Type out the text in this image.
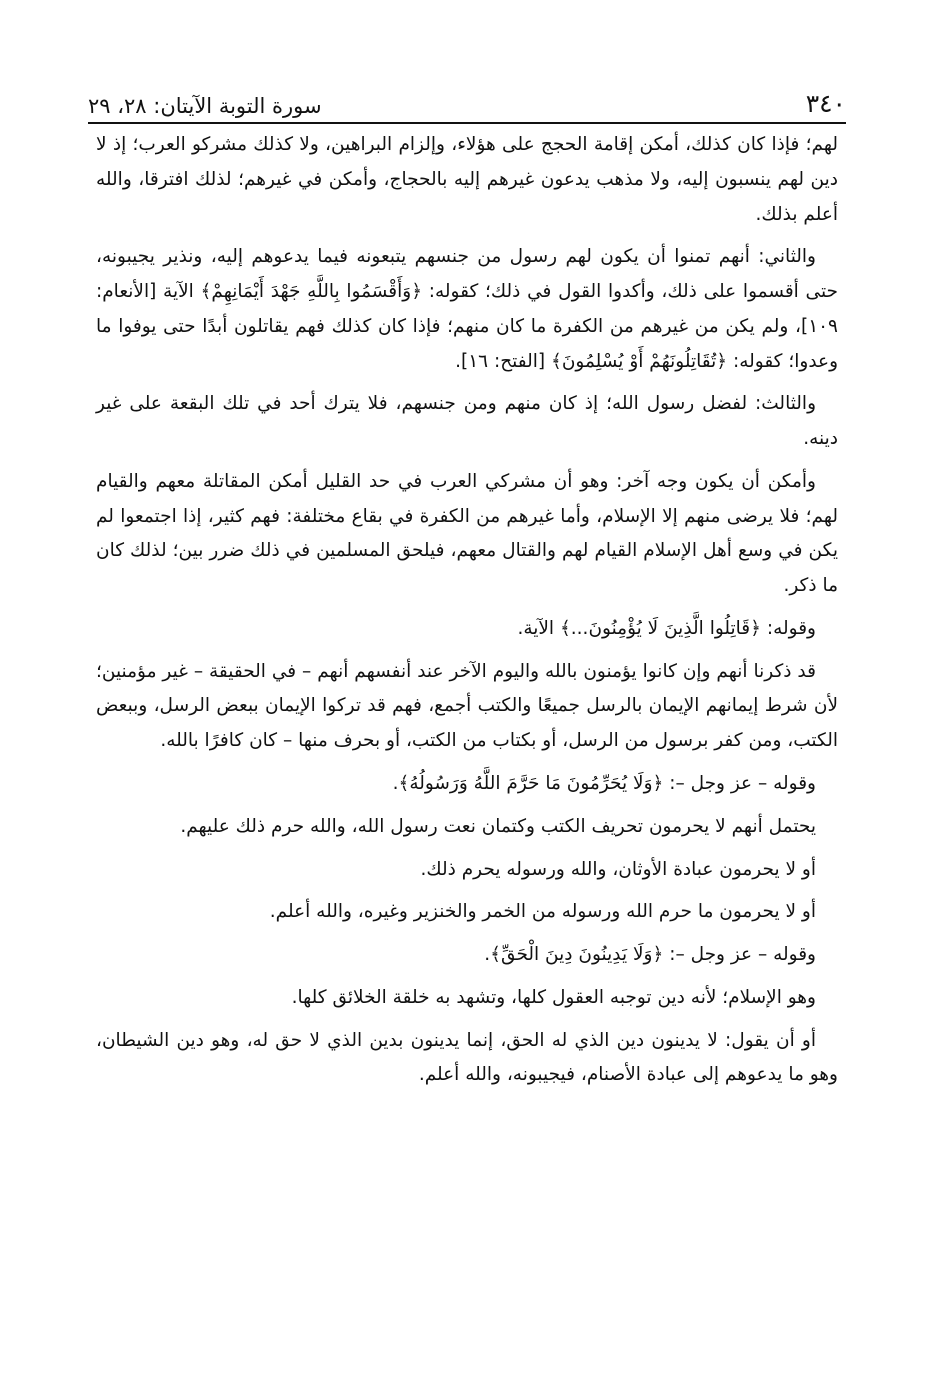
٣٤٠
سورة التوبة الآيتان: ٢٨، ٢٩

لهم؛ فإذا كان كذلك، أمكن إقامة الحجج على هؤلاء، وإلزام البراهين، ولا كذلك مشركو العرب؛ إذ لا دين لهم ينسبون إليه، ولا مذهب يدعون غيرهم إليه بالحجاج، وأمكن في غيرهم؛ لذلك افترقا، والله أعلم بذلك.

والثاني: أنهم تمنوا أن يكون لهم رسول من جنسهم يتبعونه فيما يدعوهم إليه، ونذير يجيبونه، حتى أقسموا على ذلك، وأكدوا القول في ذلك؛ كقوله: ﴿وَأَقْسَمُوا بِاللَّهِ جَهْدَ أَيْمَانِهِمْ﴾ الآية [الأنعام: ١٠٩]، ولم يكن من غيرهم من الكفرة ما كان منهم؛ فإذا كان كذلك فهم يقاتلون أبدًا حتى يوفوا ما وعدوا؛ كقوله: ﴿تُقَاتِلُونَهُمْ أَوْ يُسْلِمُونَ﴾ [الفتح: ١٦].

والثالث: لفضل رسول الله؛ إذ كان منهم ومن جنسهم، فلا يترك أحد في تلك البقعة على غير دينه.

وأمكن أن يكون وجه آخر: وهو أن مشركي العرب في حد القليل أمكن المقاتلة معهم والقيام لهم؛ فلا يرضى منهم إلا الإسلام، وأما غيرهم من الكفرة في بقاع مختلفة: فهم كثير، إذا اجتمعوا لم يكن في وسع أهل الإسلام القيام لهم والقتال معهم، فيلحق المسلمين في ذلك ضرر بين؛ لذلك كان ما ذكر.

وقوله: ﴿قَاتِلُوا الَّذِينَ لَا يُؤْمِنُونَ...﴾ الآية.

قد ذكرنا أنهم وإن كانوا يؤمنون بالله واليوم الآخر عند أنفسهم أنهم – في الحقيقة – غير مؤمنين؛ لأن شرط إيمانهم الإيمان بالرسل جميعًا والكتب أجمع، فهم قد تركوا الإيمان ببعض الرسل، وببعض الكتب، ومن كفر برسول من الرسل، أو بكتاب من الكتب، أو بحرف منها – كان كافرًا بالله.

وقوله – عز وجل –: ﴿وَلَا يُحَرِّمُونَ مَا حَرَّمَ اللَّهُ وَرَسُولُهُ﴾.

يحتمل أنهم لا يحرمون تحريف الكتب وكتمان نعت رسول الله، والله حرم ذلك عليهم.

أو لا يحرمون عبادة الأوثان، والله ورسوله يحرم ذلك.

أو لا يحرمون ما حرم الله ورسوله من الخمر والخنزير وغيره، والله أعلم.

وقوله – عز وجل –: ﴿وَلَا يَدِينُونَ دِينَ الْحَقِّ﴾.

وهو الإسلام؛ لأنه دين توجبه العقول كلها، وتشهد به خلقة الخلائق كلها.

أو أن يقول: لا يدينون دين الذي له الحق، إنما يدينون بدين الذي لا حق له، وهو دين الشيطان، وهو ما يدعوهم إلى عبادة الأصنام، فيجيبونه، والله أعلم.
